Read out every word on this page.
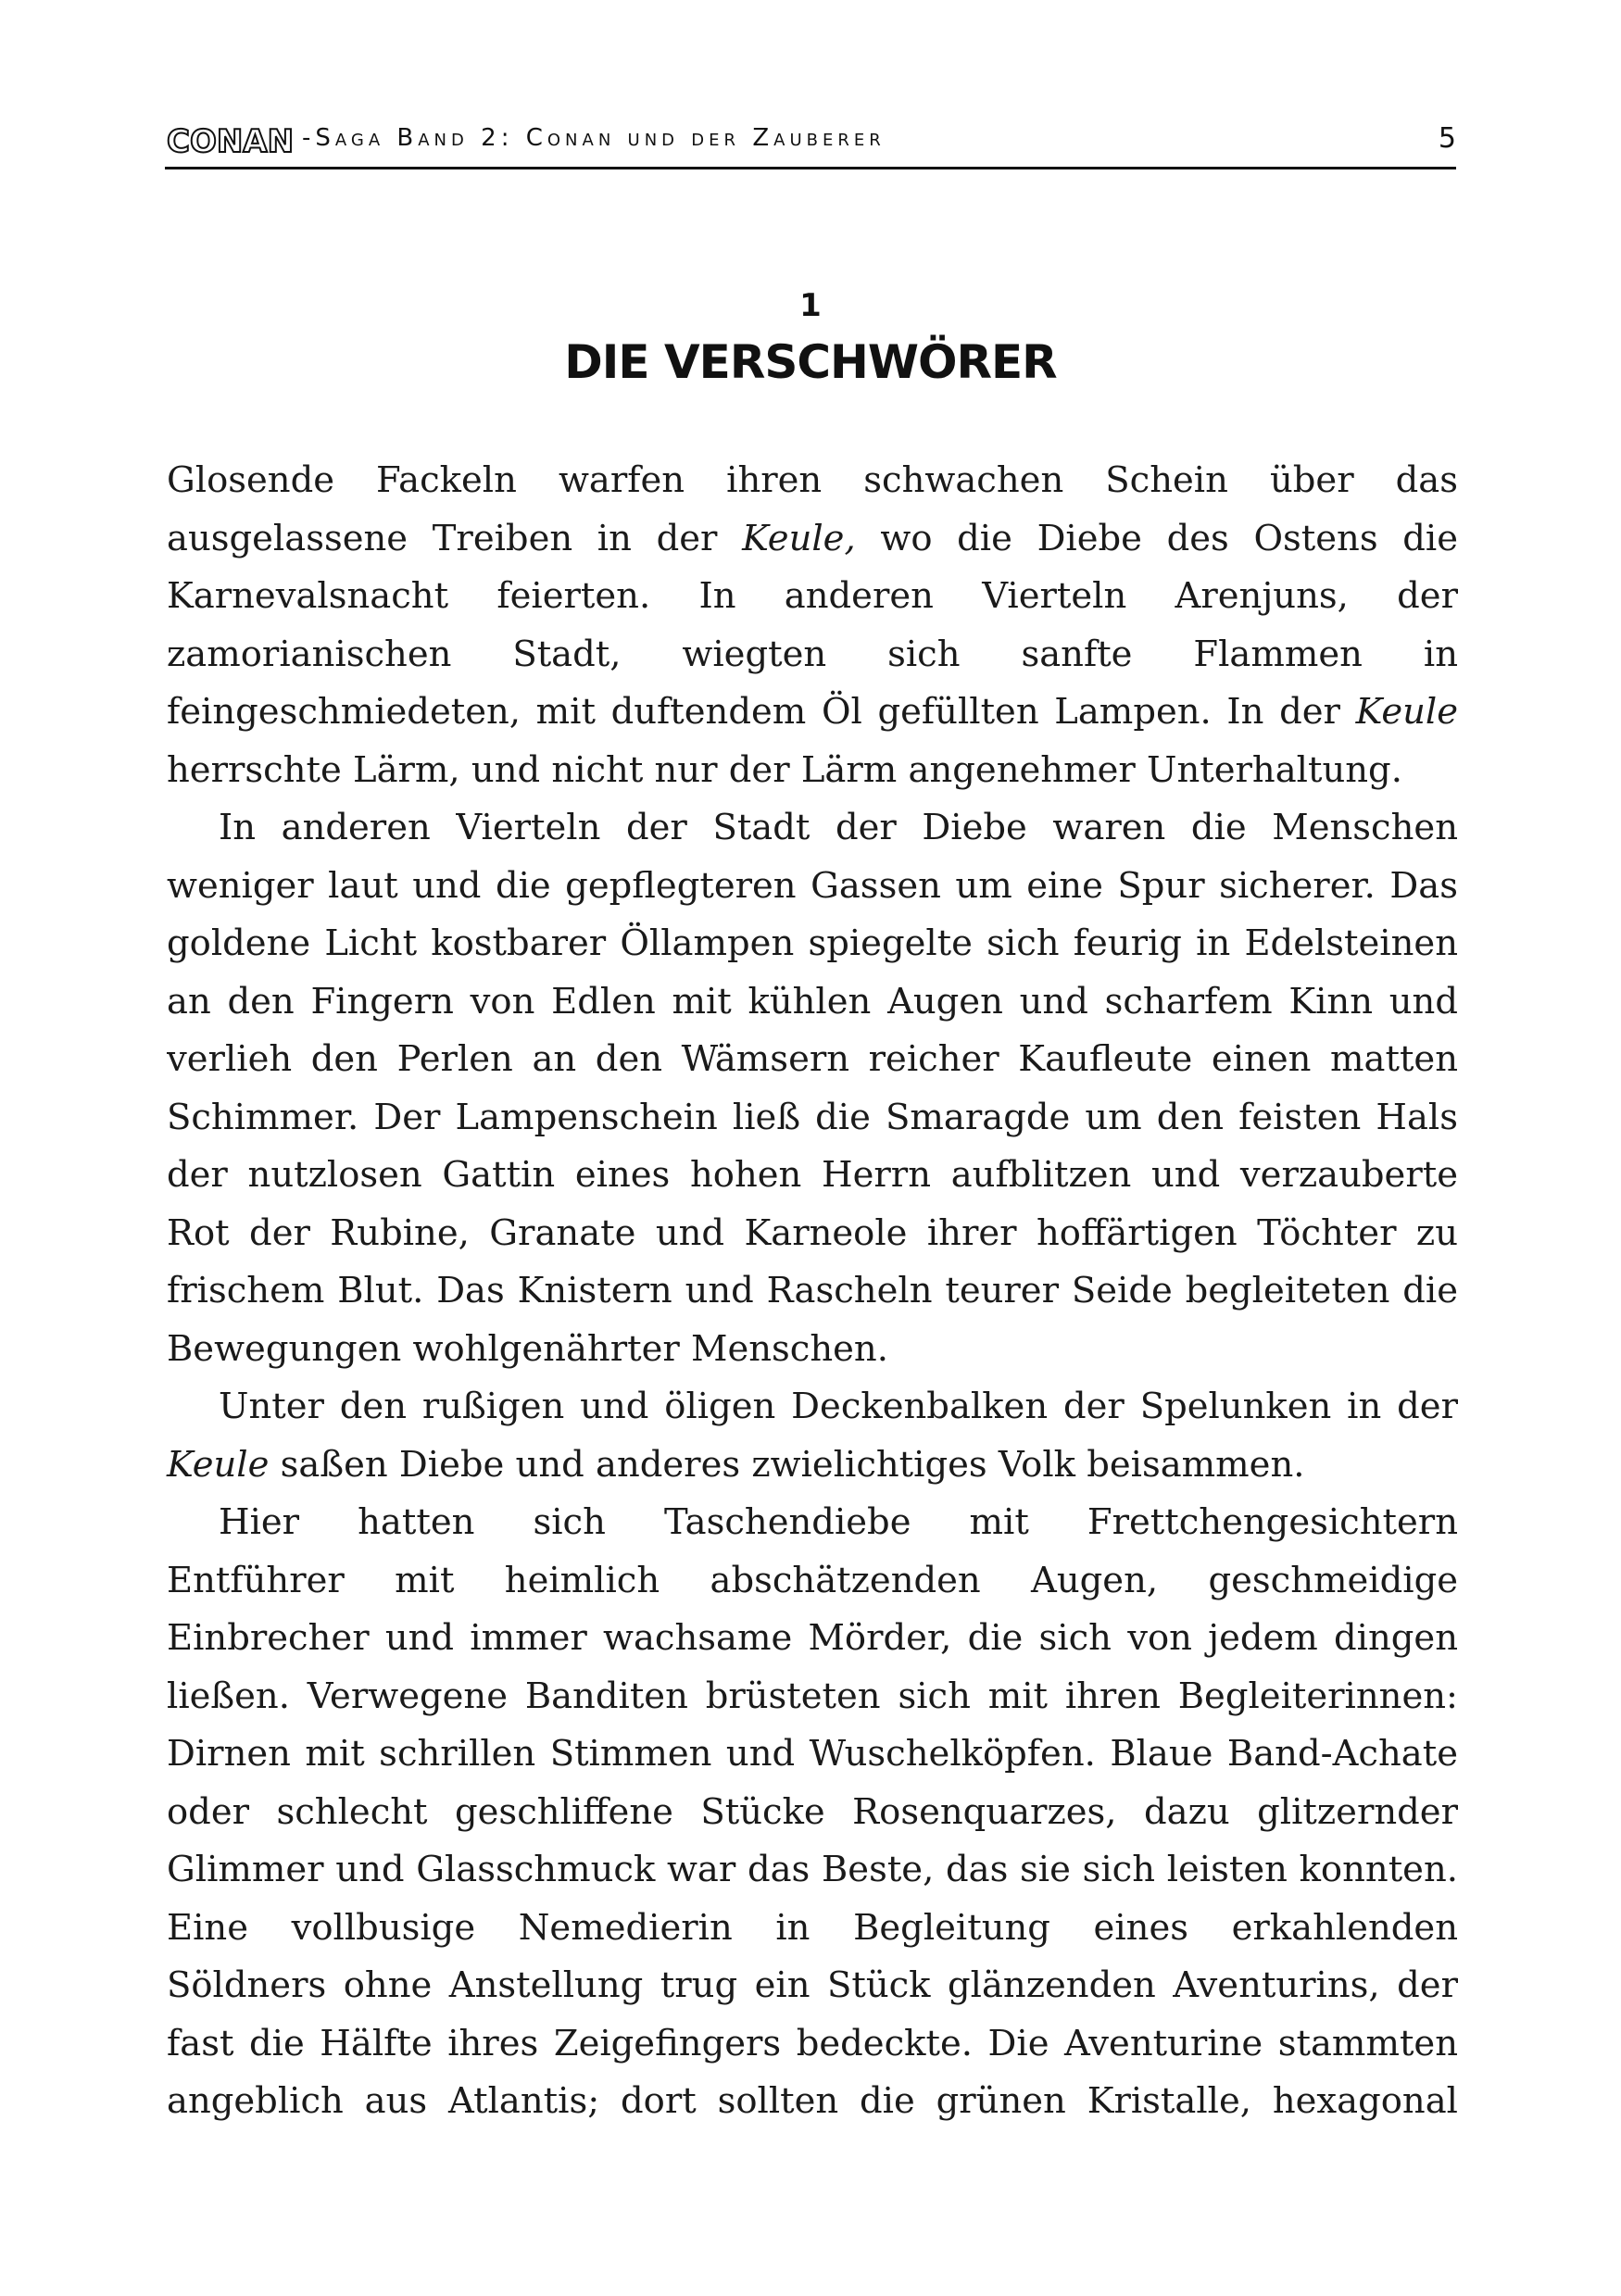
CONAN -Saga Band 2: Conan und der Zauberer	5
1
DIE VERSCHWÖRER
Glosende Fackeln warfen ihren schwachen Schein über das
ausgelassene Treiben in der Keule, wo die Diebe des Ostens die
Karnevalsnacht feierten. In anderen Vierteln Arenjuns, der
zamorianischen Stadt, wiegten sich sanfte Flammen in
feingeschmiedeten, mit duftendem Öl gefüllten Lampen. In der Keule
herrschte Lärm, und nicht nur der Lärm angenehmer Unterhaltung.
In anderen Vierteln der Stadt der Diebe waren die Menschen
weniger laut und die gepflegteren Gassen um eine Spur sicherer. Das
goldene Licht kostbarer Öllampen spiegelte sich feurig in Edelsteinen
an den Fingern von Edlen mit kühlen Augen und scharfem Kinn und
verlieh den Perlen an den Wämsern reicher Kaufleute einen matten
Schimmer. Der Lampenschein ließ die Smaragde um den feisten Hals
der nutzlosen Gattin eines hohen Herrn aufblitzen und verzauberte
Rot der Rubine, Granate und Karneole ihrer hoffärtigen Töchter zu
frischem Blut. Das Knistern und Rascheln teurer Seide begleiteten die
Bewegungen wohlgenährter Menschen.
Unter den rußigen und öligen Deckenbalken der Spelunken in der
Keule saßen Diebe und anderes zwielichtiges Volk beisammen.
Hier hatten sich Taschendiebe mit Frettchengesichtern
Entführer mit heimlich abschätzenden Augen, geschmeidige
Einbrecher und immer wachsame Mörder, die sich von jedem dingen
ließen. Verwegene Banditen brüsteten sich mit ihren Begleiterinnen:
Dirnen mit schrillen Stimmen und Wuschelköpfen. Blaue Band-Achate
oder schlecht geschliffene Stücke Rosenquarzes, dazu glitzernder
Glimmer und Glasschmuck war das Beste, das sie sich leisten konnten.
Eine vollbusige Nemedierin in Begleitung eines erkahlenden
Söldners ohne Anstellung trug ein Stück glänzenden Aventurins, der
fast die Hälfte ihres Zeigefingers bedeckte. Die Aventurine stammten
angeblich aus Atlantis; dort sollten die grünen Kristalle, hexagonal
